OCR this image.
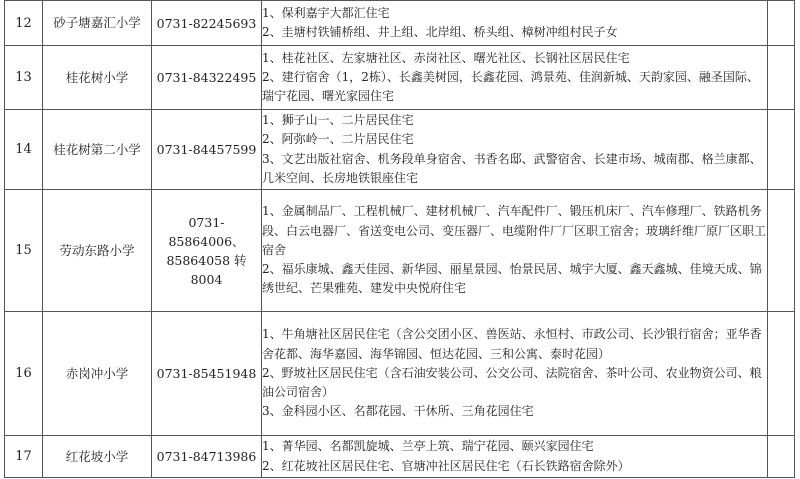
12	砂子塘嘉汇小学	0731-82245693	1、保利嘉宇大都汇住宅
2、圭塘村铁铺桥组、井上组、北岸组、桥头组、樟树冲组村民子女	

13	桂花树小学	0731-84322495	1、桂花社区、左家塘社区、赤岗社区、曙光社区、长钢社区居民住宅
2、建行宿舍（1，2栋）、长鑫美树园，长鑫花园、鸿景苑、佳润新城、天韵家园、融圣国际、瑞宁花园、曙光家园住宅	

14	桂花树第二小学	0731-84457599	1、狮子山一、二片居民住宅
2、阿弥岭一、二片居民住宅
3、文艺出版社宿舍、机务段单身宿舍、书香名邸、武警宿舍、长建市场、城南郡、格兰康都、几米空间、长房地铁银座住宅	

15	劳动东路小学	0731-85864006、85864058 转8004	1、金属制品厂、工程机械厂、建材机械厂、汽车配件厂、锻压机床厂、汽车修理厂、铁路机务段、白云电器厂、省送变电公司、变压器厂、电缆附件厂厂区职工宿舍；玻璃纤维厂原厂区职工宿舍
2、福乐康城、鑫天佳园、新华园、丽星景园、怡景民居、城宇大厦、鑫天鑫城、佳境天成、锦绣世纪、芒果雅苑、建发中央悦府住宅	

16	赤岗冲小学	0731-85451948	1、牛角塘社区居民住宅（含公交团小区、兽医站、永恒村、市政公司、长沙银行宿舍；亚华香舍花都、海华嘉园、海华锦园、恒达花园、三和公寓、泰时花园）
2、野坡社区居民住宅（含石油安装公司、公交公司、法院宿舍、茶叶公司、农业物资公司、粮油公司宿舍）
3、金科园小区、名都花园、干休所、三角花园住宅	

17	红花坡小学	0731-84713986	1、菁华园、名都凯旋城、兰亭上筑、瑞宁花园、颐兴家园住宅
2、红花坡社区居民住宅、官塘冲社区居民住宅（石长铁路宿舍除外）	
